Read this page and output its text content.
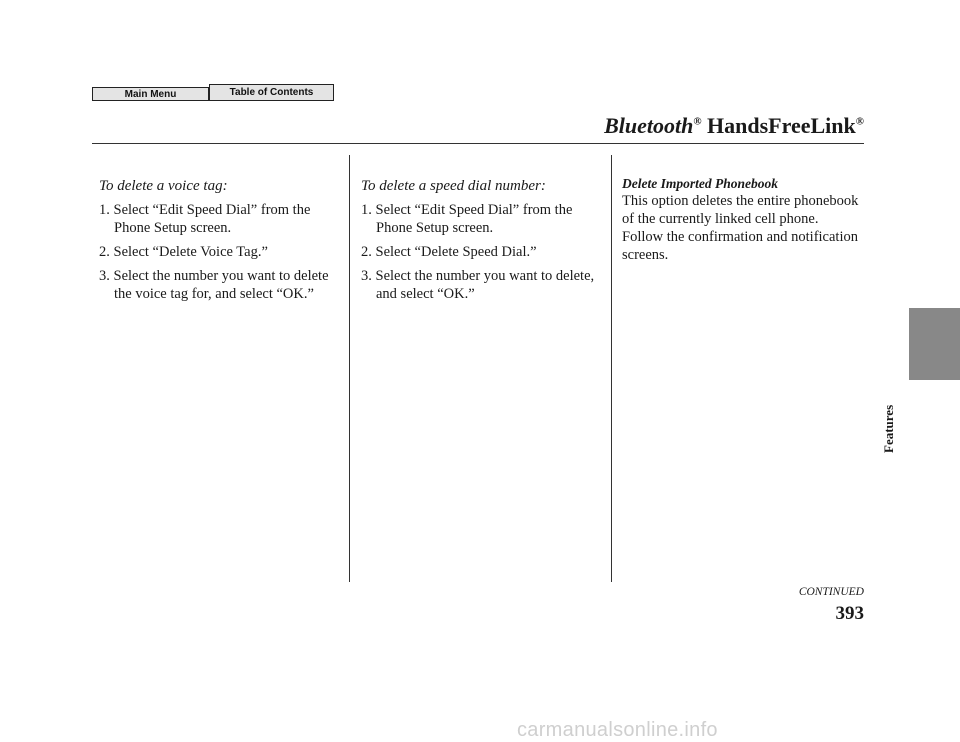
Main Menu	Table of Contents
Bluetooth® HandsFreeLink®

To delete a voice tag:

1. Select “Edit Speed Dial” from the Phone Setup screen.

2. Select “Delete Voice Tag.”

3. Select the number you want to delete the voice tag for, and select “OK.”

To delete a speed dial number:

1. Select “Edit Speed Dial” from the Phone Setup screen.

2. Select “Delete Speed Dial.”

3. Select the number you want to delete, and select “OK.”

Delete Imported Phonebook

This option deletes the entire phonebook of the currently linked cell phone. Follow the confirmation and notification screens.

Features
CONTINUED
393
carmanualsonline.info
